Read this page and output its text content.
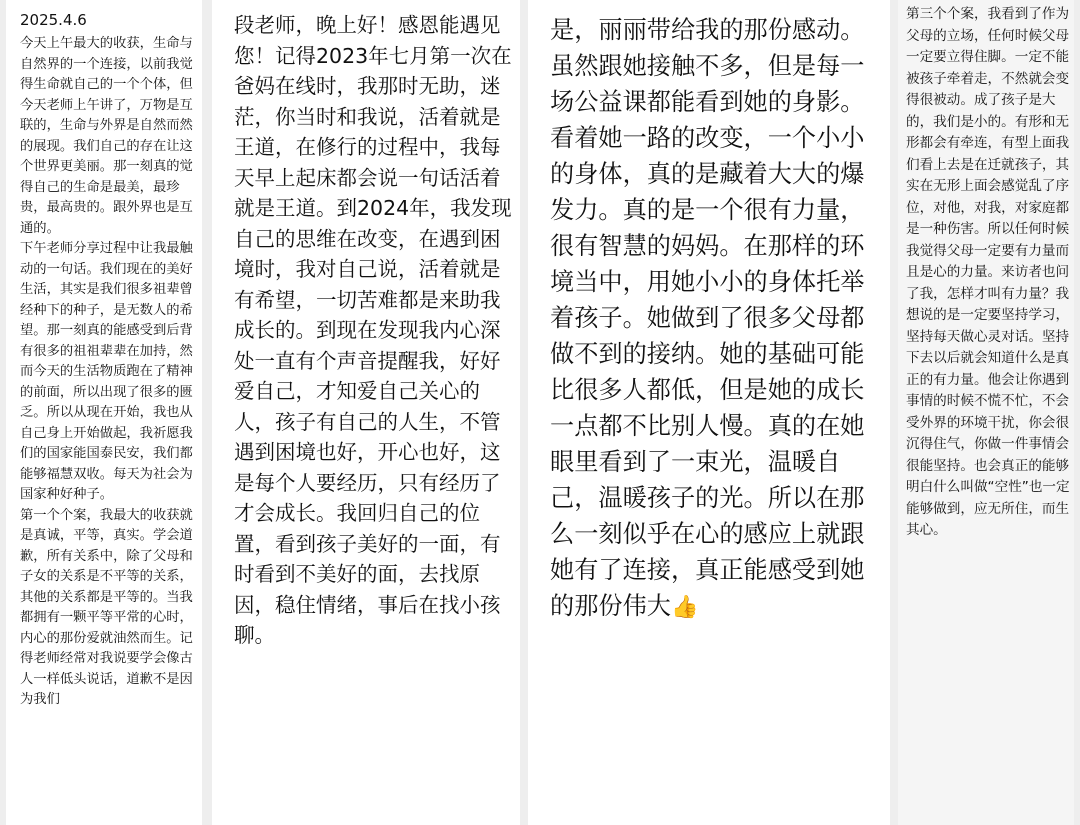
2025.4.6

今天上午最大的收获，生命与自然界的一个连接，以前我觉得生命就自己的一个个体，但今天老师上午讲了，万物是互联的，生命与外界是自然而然的展现。我们自己的存在让这个世界更美丽。那一刻真的觉得自己的生命是最美，最珍贵，最高贵的。跟外界也是互通的。

下午老师分享过程中让我最触动的一句话。我们现在的美好生活，其实是我们很多祖辈曾经种下的种子，是无数人的希望。那一刻真的能感受到后背有很多的祖祖辈辈在加持，然而今天的生活物质跑在了精神的前面，所以出现了很多的匮乏。所以从现在开始，我也从自己身上开始做起，我祈愿我们的国家能国泰民安，我们都能够福慧双收。每天为社会为国家种好种子。

第一个个案，我最大的收获就是真诚，平等，真实。学会道歉，所有关系中，除了父母和子女的关系是不平等的关系，其他的关系都是平等的。当我都拥有一颗平等平常的心时，内心的那份爱就油然而生。记得老师经常对我说要学会像古人一样低头说话，道歉不是因为我们

段老师，晚上好！感恩能遇见您！记得2023年七月第一次在爸妈在线时，我那时无助，迷茫，你当时和我说，活着就是王道，在修行的过程中，我每天早上起床都会说一句话活着就是王道。到2024年，我发现自己的思维在改变，在遇到困境时，我对自己说，活着就是有希望，一切苦难都是来助我成长的。到现在发现我内心深处一直有个声音提醒我，好好爱自己，才知爱自己关心的人，孩子有自己的人生，不管遇到困境也好，开心也好，这是每个人要经历，只有经历了才会成长。我回归自己的位置，看到孩子美好的一面，有时看到不美好的面，去找原因，稳住情绪，事后在找小孩聊。
是，丽丽带给我的那份感动。虽然跟她接触不多，但是每一场公益课都能看到她的身影。看着她一路的改变，一个小小的身体，真的是藏着大大的爆发力。真的是一个很有力量，很有智慧的妈妈。在那样的环境当中，用她小小的身体托举着孩子。她做到了很多父母都做不到的接纳。她的基础可能比很多人都低，但是她的成长一点都不比别人慢。真的在她眼里看到了一束光，温暖自己，温暖孩子的光。所以在那么一刻似乎在心的感应上就跟她有了连接，真正能感受到她的那份伟大👍
第三个个案，我看到了作为父母的立场，任何时候父母一定要立得住脚。一定不能被孩子牵着走，不然就会变得很被动。成了孩子是大的，我们是小的。有形和无形都会有牵连，有型上面我们看上去是在迁就孩子，其实在无形上面会感觉乱了序位，对他，对我，对家庭都是一种伤害。所以任何时候我觉得父母一定要有力量而且是心的力量。来访者也问了我，怎样才叫有力量？我想说的是一定要坚持学习，坚持每天做心灵对话。坚持下去以后就会知道什么是真正的有力量。他会让你遇到事情的时候不慌不忙，不会受外界的环境干扰，你会很沉得住气，你做一件事情会很能坚持。也会真正的能够明白什么叫做“空性”也一定能够做到，应无所住，而生其心。
